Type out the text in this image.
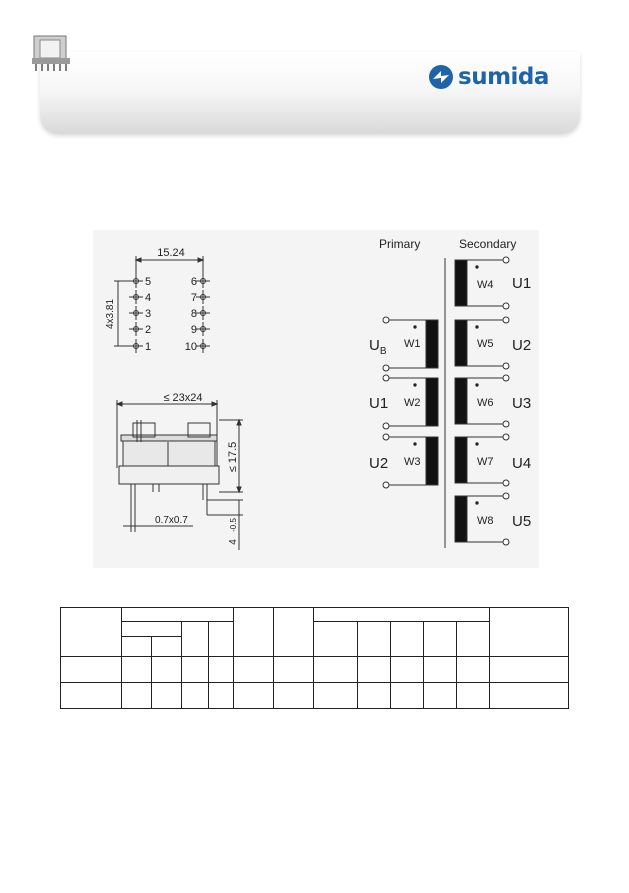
sumida
15.24
4x3.81
5
4
3
2
1
6
7
8
9
10
≤ 23x24
≤ 17.5
0.7x0.7
4
-0.5
Primary	Secondary
W1
W2
W3
W4
W5
W6
W7
W8
$U_B$
U1
U2
U1
U2
U3
U4
U5
